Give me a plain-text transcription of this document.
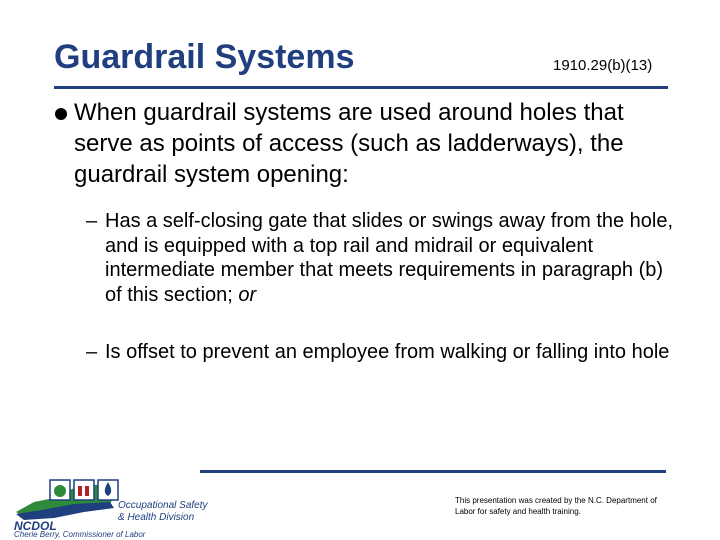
Guardrail Systems	1910.29(b)(13)
When guardrail systems are used around holes that serve as points of access (such as ladderways), the guardrail system opening:
– Has a self-closing gate that slides or swings away from the hole, and is equipped with a top rail and midrail or equivalent intermediate member that meets requirements in paragraph (b) of this section; or
– Is offset to prevent an employee from walking or falling into hole
This presentation was created by the N.C. Department of Labor for safety and health training.
NCDOL
Occupational Safety
& Health Division
Cherie Berry, Commissioner of Labor
